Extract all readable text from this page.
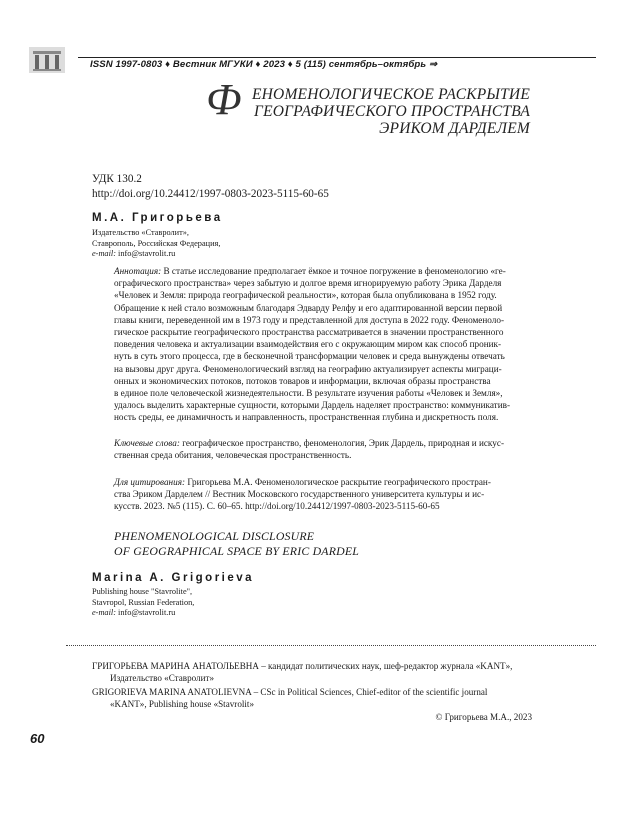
ISSN 1997-0803 ♦ Вестник МГУКИ ♦ 2023 ♦ 5 (115) сентябрь–октябрь ⇒
Ф ЕНОМЕНОЛОГИЧЕСКОЕ РАСКРЫТИЕ
ГЕОГРАФИЧЕСКОГО ПРОСТРАНСТВА
ЭРИКОМ ДАРДЕЛЕМ
УДК 130.2
http://doi.org/10.24412/1997-0803-2023-5115-60-65
М.А. Григорьева
Издательство «Ставролит»,
Ставрополь, Российская Федерация,
e-mail: info@stavrolit.ru

Аннотация: В статье исследование предполагает ёмкое и точное погружение в феноменологию «ге-

ографического пространства» через забытую и долгое время игнорируемую работу Эрика Дарделя

«Человек и Земля: природа географической реальности», которая была опубликована в 1952 году.

Обращение к ней стало возможным благодаря Эдварду Релфу и его адаптированной версии первой

главы книги, переведенной им в 1973 году и представленной для доступа в 2022 году. Феноменоло-

гическое раскрытие географического пространства рассматривается в значении пространственного

поведения человека и актуализации взаимодействия его с окружающим миром как способ проник-

нуть в суть этого процесса, где в бесконечной трансформации человек и среда вынуждены отвечать

на вызовы друг друга. Феноменологический взгляд на географию актуализирует аспекты миграци-

онных и экономических потоков, потоков товаров и информации, включая образы пространства

в единое поле человеческой жизнедеятельности. В результате изучения работы «Человек и Земля»,

удалось выделить характерные сущности, которыми Дардель наделяет пространство: коммуникатив-

ность среды, ее динамичность и направленность, пространственная глубина и дискретность поля.

Ключевые слова: географическое пространство, феноменология, Эрик Дардель, природная и искус-
ственная среда обитания, человеческая пространственность.
Для цитирования: Григорьева М.А. Феноменологическое раскрытие географического простран-
ства Эриком Дарделем // Вестник Московского государственного университета культуры и ис-
кусств. 2023. №5 (115). С. 60–65. http://doi.org/10.24412/1997-0803-2023-5115-60-65
PHENOMENOLOGICAL DISCLOSURE
OF GEOGRAPHICAL SPACE BY ERIC DARDEL
Marina A. Grigorieva
Publishing house "Stavrolite",
Stavropol, Russian Federation,
e-mail: info@stavrolit.ru
ГРИГОРЬЕВА МАРИНА АНАТОЛЬЕВНА – кандидат политических наук, шеф-редактор журнала «KANT»,
Издательство «Ставролит»
GRIGORIEVA MARINA ANATOLIEVNA – CSc in Political Sciences, Chief-editor of the scientific journal
«KANT», Publishing house «Stavrolit»
© Григорьева М.А., 2023
60
